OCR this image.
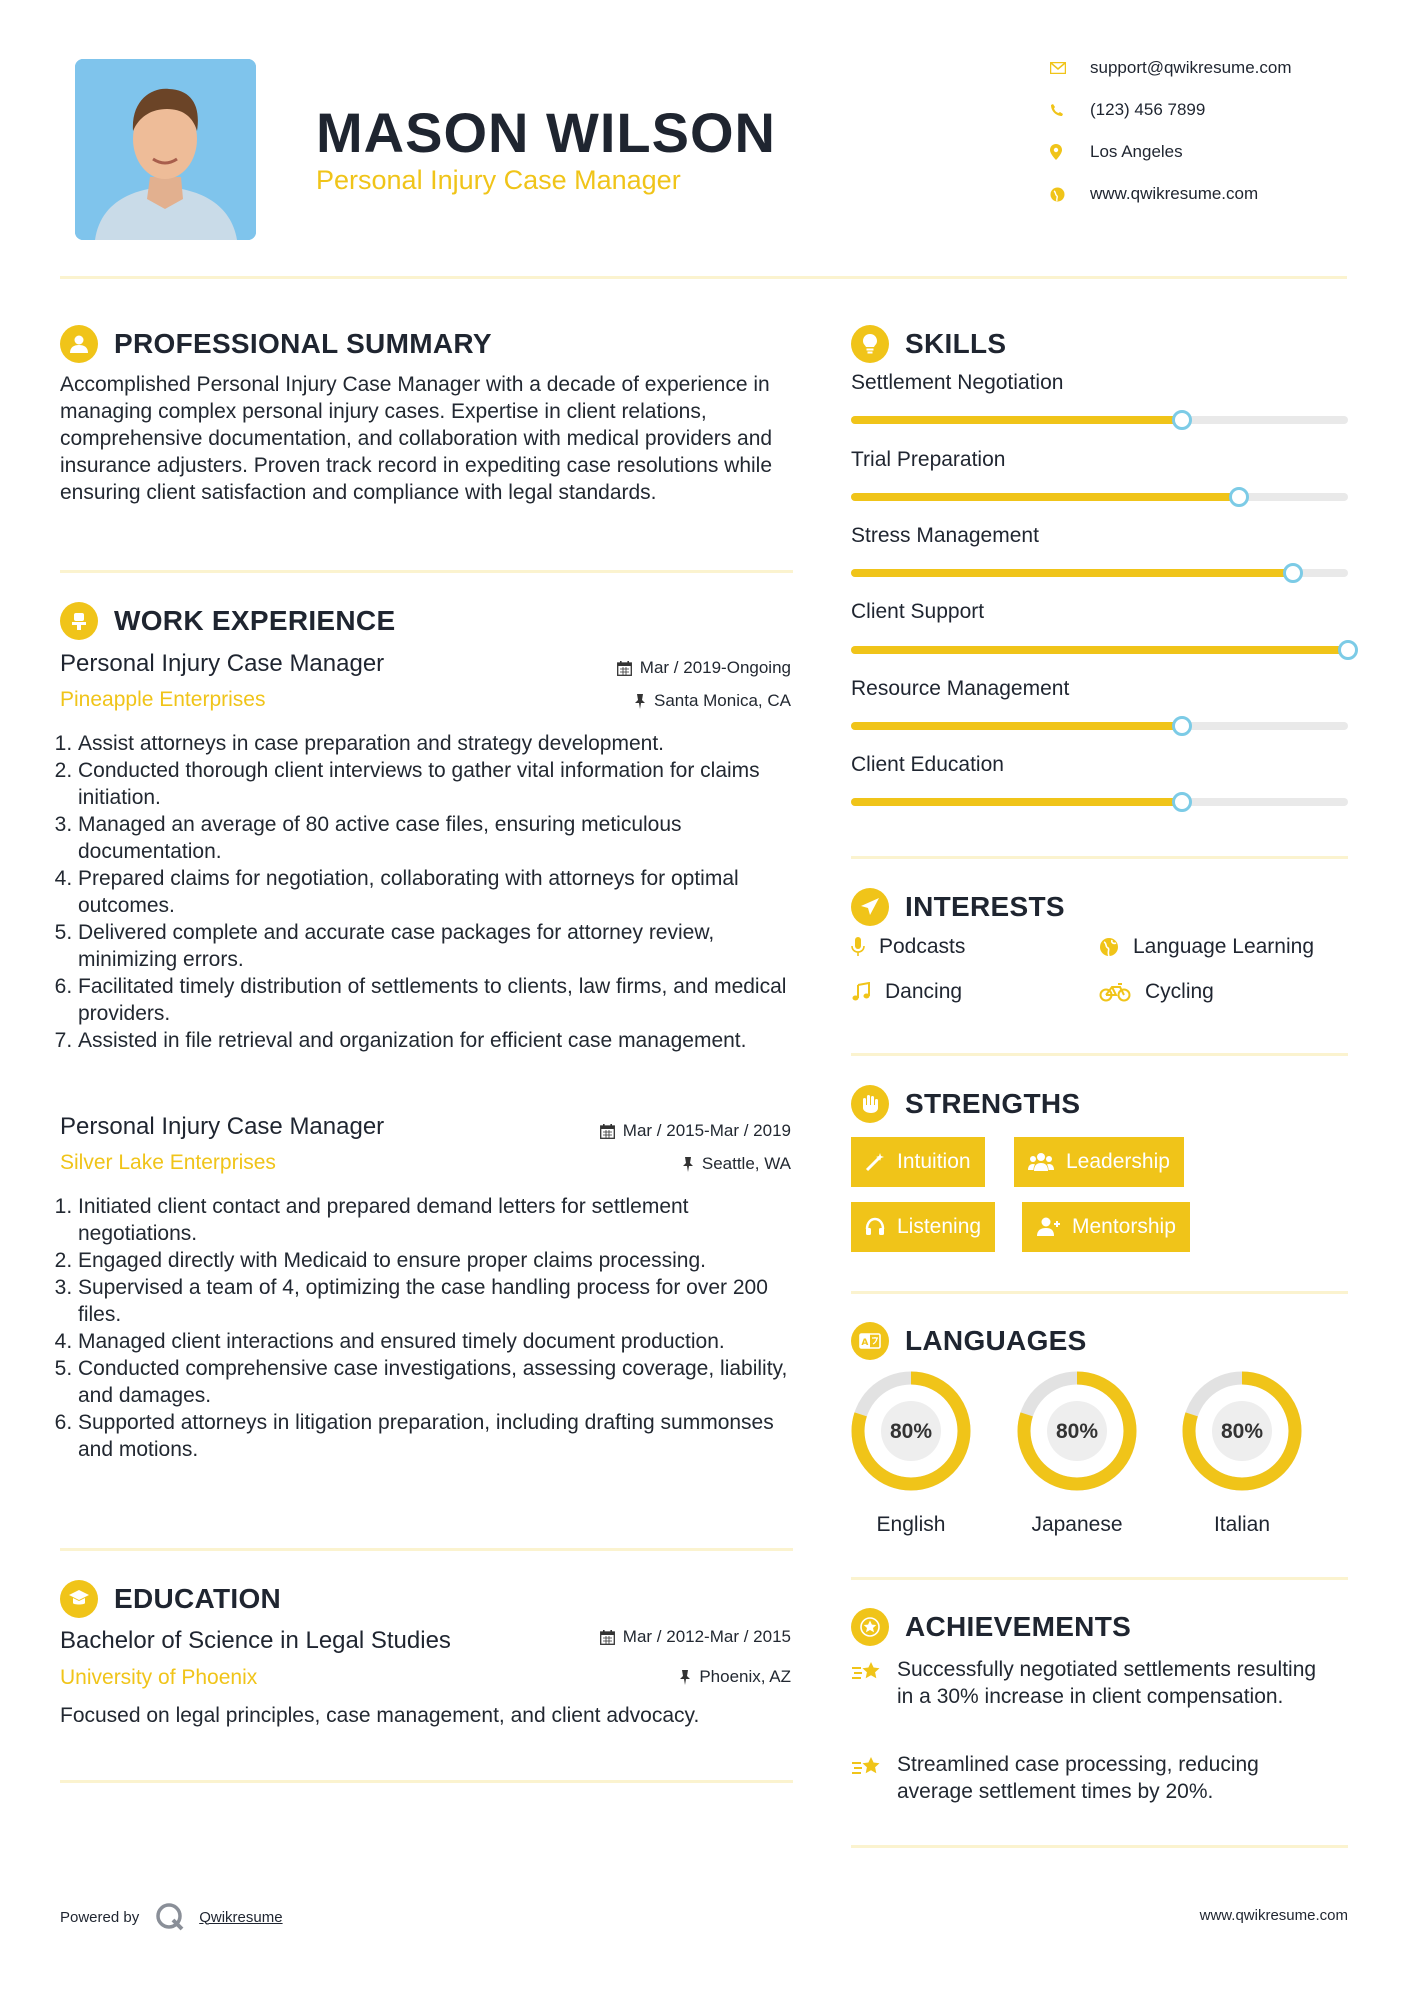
MASON WILSON
Personal Injury Case Manager
support@qwikresume.com
(123) 456 7899
Los Angeles
www.qwikresume.com
PROFESSIONAL SUMMARY
Accomplished Personal Injury Case Manager with a decade of experience in managing complex personal injury cases. Expertise in client relations, comprehensive documentation, and collaboration with medical providers and insurance adjusters. Proven track record in expediting case resolutions while ensuring client satisfaction and compliance with legal standards.
WORK EXPERIENCE
Personal Injury Case Manager
Pineapple Enterprises
Mar / 2019-Ongoing
Santa Monica, CA
1. Assist attorneys in case preparation and strategy development.
2. Conducted thorough client interviews to gather vital information for claims initiation.
3. Managed an average of 80 active case files, ensuring meticulous documentation.
4. Prepared claims for negotiation, collaborating with attorneys for optimal outcomes.
5. Delivered complete and accurate case packages for attorney review, minimizing errors.
6. Facilitated timely distribution of settlements to clients, law firms, and medical providers.
7. Assisted in file retrieval and organization for efficient case management.
Personal Injury Case Manager
Silver Lake Enterprises
Mar / 2015-Mar / 2019
Seattle, WA
1. Initiated client contact and prepared demand letters for settlement negotiations.
2. Engaged directly with Medicaid to ensure proper claims processing.
3. Supervised a team of 4, optimizing the case handling process for over 200 files.
4. Managed client interactions and ensured timely document production.
5. Conducted comprehensive case investigations, assessing coverage, liability, and damages.
6. Supported attorneys in litigation preparation, including drafting summonses and motions.
EDUCATION
Bachelor of Science in Legal Studies
University of Phoenix
Mar / 2012-Mar / 2015
Phoenix, AZ
Focused on legal principles, case management, and client advocacy.
SKILLS
Settlement Negotiation
Trial Preparation
Stress Management
Client Support
Resource Management
Client Education
INTERESTS
Podcasts	Language Learning
Dancing	Cycling
STRENGTHS
Intuition	Leadership
Listening	Mentorship
A LANGUAGES
80%
English
80%
Japanese
80%
Italian
ACHIEVEMENTS
Successfully negotiated settlements resulting in a 30% increase in client compensation.
Streamlined case processing, reducing average settlement times by 20%.
Powered by	Qwikresume	www.qwikresume.com
